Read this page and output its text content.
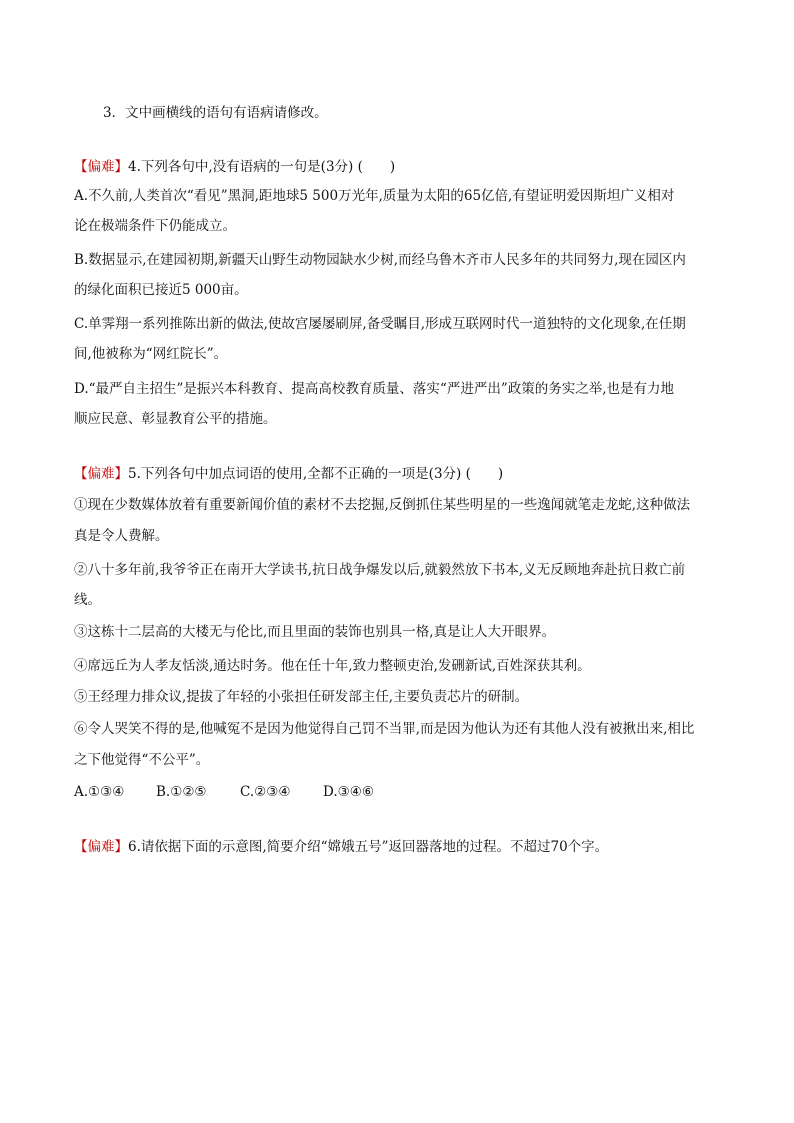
3．文中画横线的语句有语病请修改。
【偏难】4.下列各句中,没有语病的一句是(3分) (　　)
A.不久前,人类首次“看见”黑洞,距地球5 500万光年,质量为太阳的65亿倍,有望证明爱因斯坦广义相对
论在极端条件下仍能成立。
B.数据显示,在建园初期,新疆天山野生动物园缺水少树,而经乌鲁木齐市人民多年的共同努力,现在园区内
的绿化面积已接近5 000亩。
C.单霁翔一系列推陈出新的做法,使故宫屡屡刷屏,备受瞩目,形成互联网时代一道独特的文化现象,在任期
间,他被称为“网红院长”。
D.“最严自主招生”是振兴本科教育、提高高校教育质量、落实“严进严出”政策的务实之举,也是有力地
顺应民意、彰显教育公平的措施。
【偏难】5.下列各句中加点词语的使用,全都不正确的一项是(3分) (　　)
①现在少数媒体放着有重要新闻价值的素材不去挖掘,反倒抓住某些明星的一些逸闻就笔走龙蛇,这种做法
真是令人费解。
②八十多年前,我爷爷正在南开大学读书,抗日战争爆发以后,就毅然放下书本,义无反顾地奔赴抗日救亡前
线。
③这栋十二层高的大楼无与伦比,而且里面的装饰也别具一格,真是让人大开眼界。
④席远丘为人孝友恬淡,通达时务。他在任十年,致力整顿吏治,发硎新试,百姓深获其利。
⑤王经理力排众议,提拔了年轻的小张担任研发部主任,主要负责芯片的研制。
⑥令人哭笑不得的是,他喊冤不是因为他觉得自己罚不当罪,而是因为他认为还有其他人没有被揪出来,相比
之下他觉得“不公平”。
A.①③④ B.①②⑤ C.②③④ D.③④⑥
【偏难】6.请依据下面的示意图,简要介绍“嫦娥五号”返回器落地的过程。不超过70个字。
